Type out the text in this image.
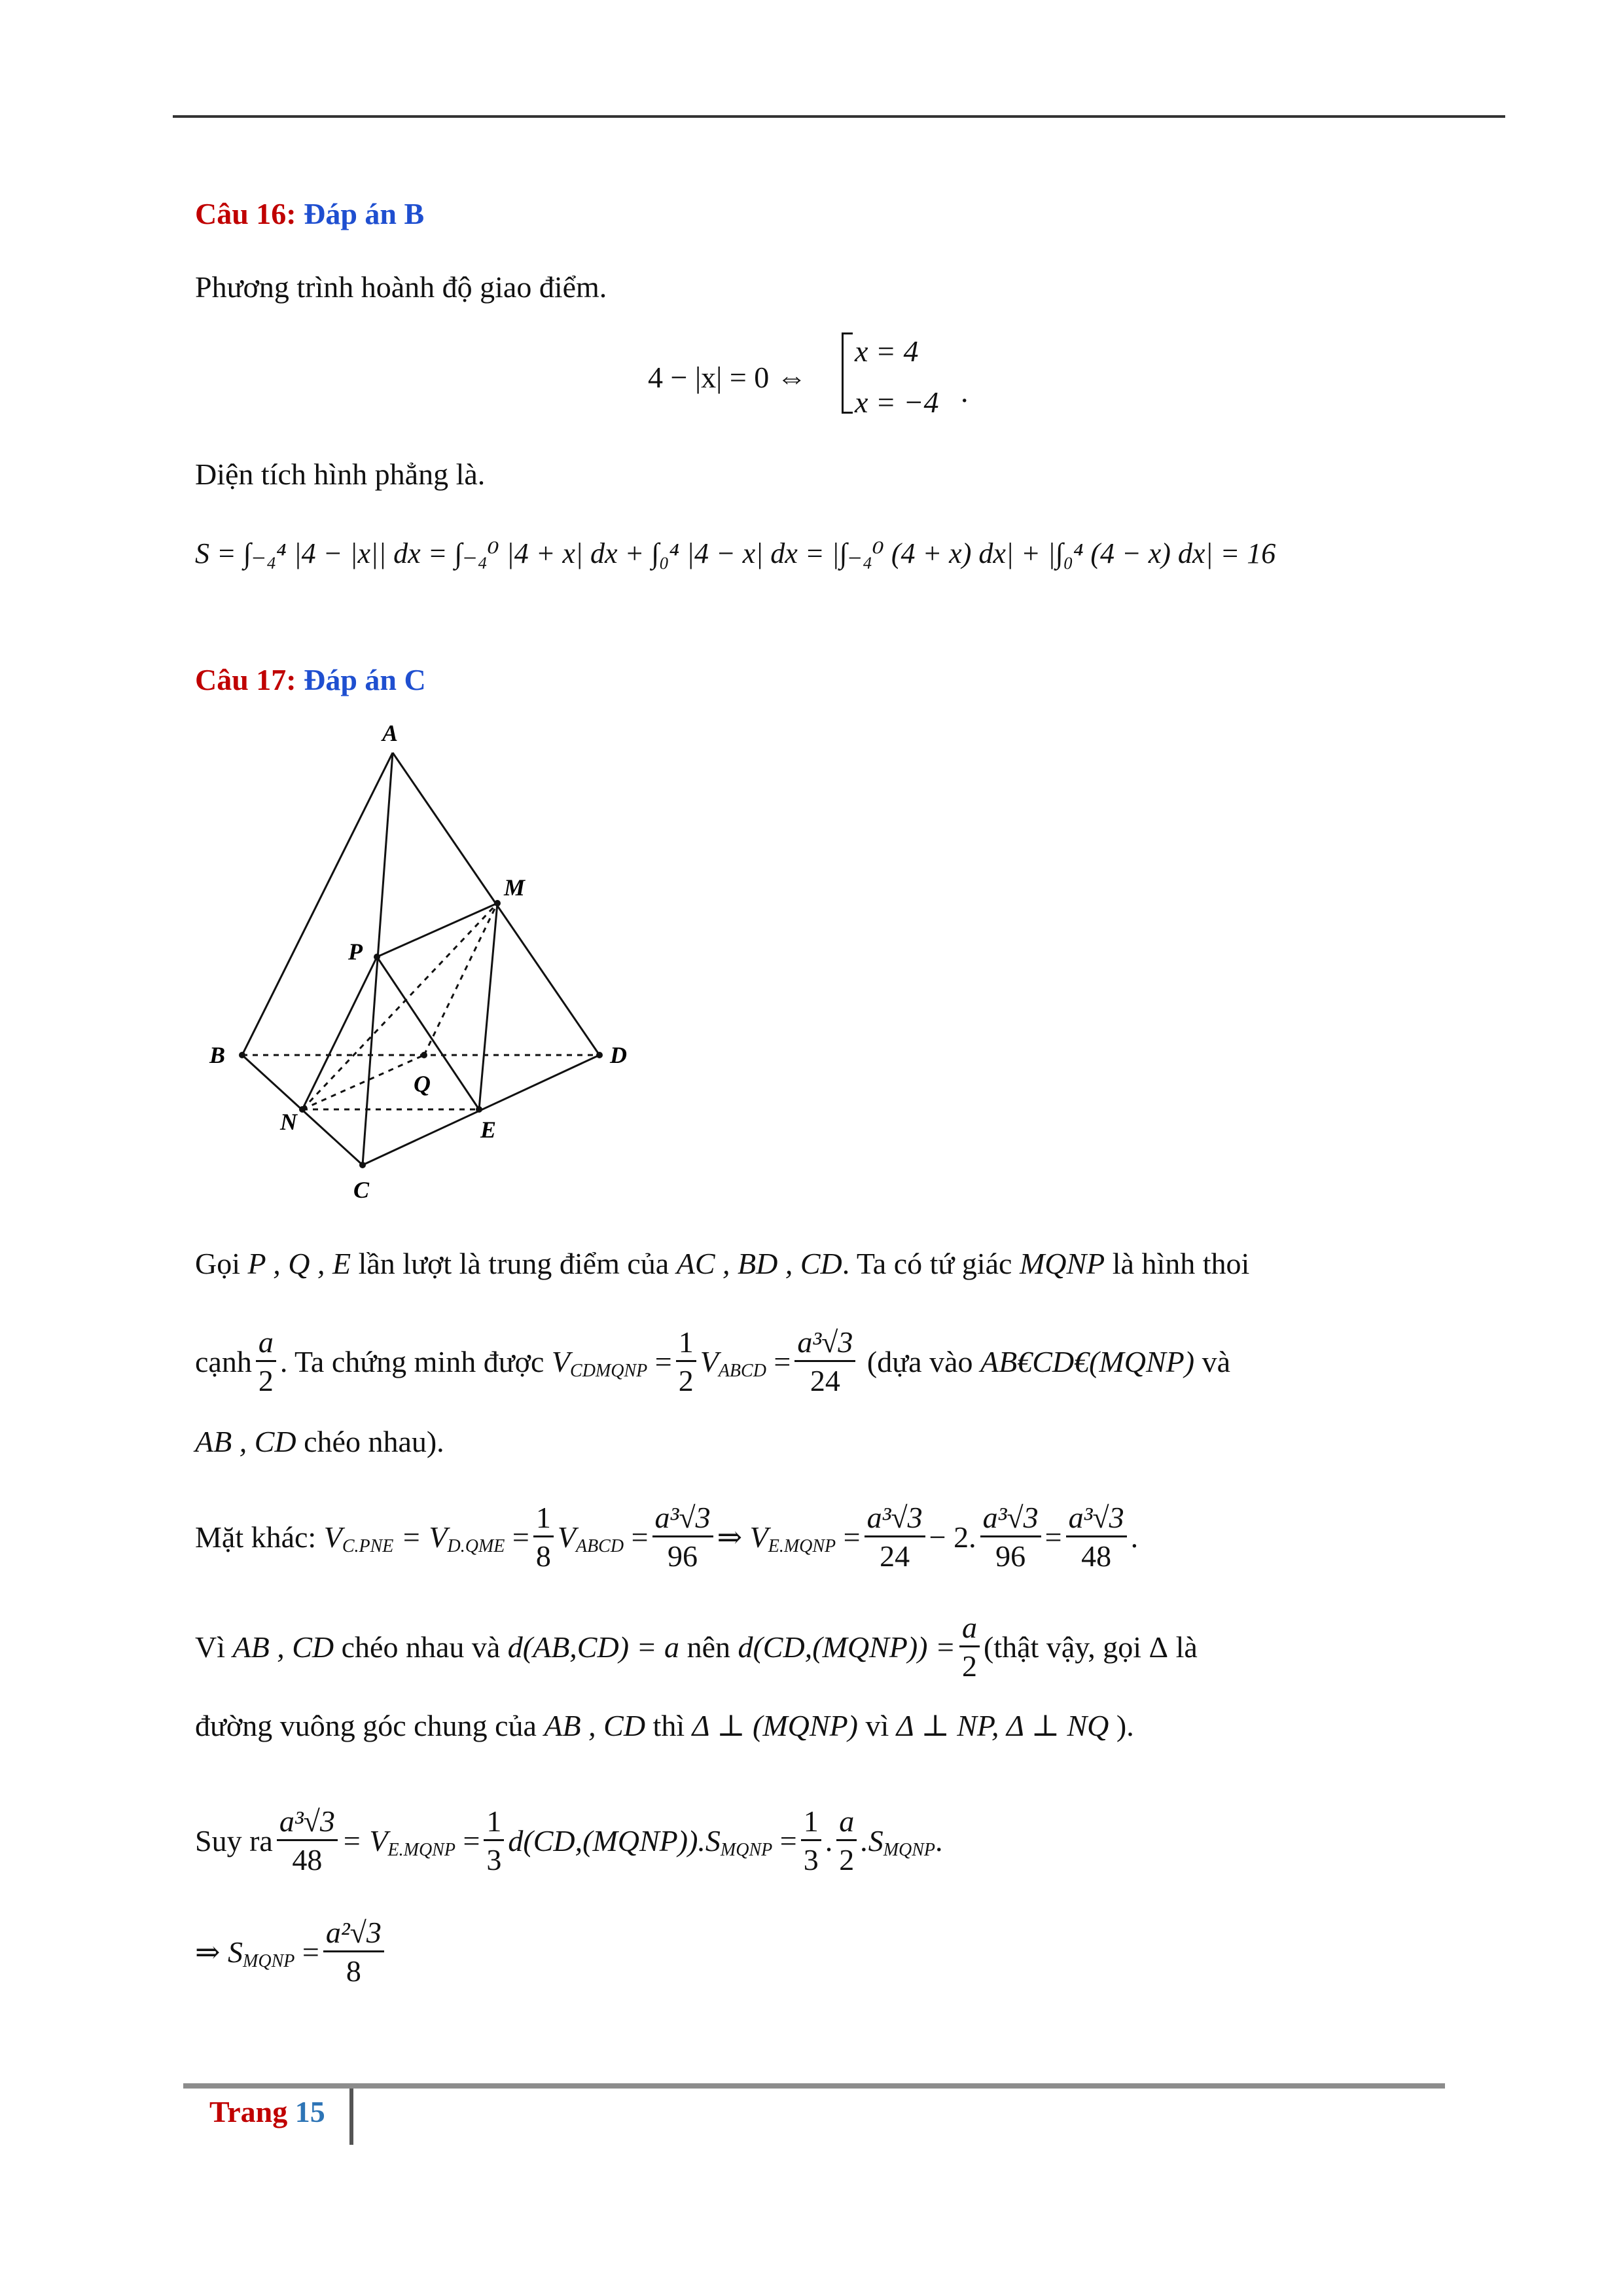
Câu 16: Đáp án B
Phương trình hoành độ giao điểm.
4 − |x| = 0 ⇔
x = 4
x = −4 .
Diện tích hình phẳng là.
S = ∫₋₄⁴ |4 − |x|| dx = ∫₋₄⁰ |4 + x| dx + ∫₀⁴ |4 − x| dx = |∫₋₄⁰ (4 + x) dx| + |∫₀⁴ (4 − x) dx| = 16
Câu 17: Đáp án C
A
B
C
D
M
P
Q
N	E
Gọi P , Q , E lần lượt là trung điểm của AC , BD , CD. Ta có tứ giác MQNP là hình thoi
cạnh $\frac{a}{2}$ . Ta chứng minh được
V CDMQNP
= $\frac{1}{2}$ V ABCD
= $\frac{\text{a³√3}}{24}$
(dựa vào
AB€CD€(MQNP)
và
AB , CD chéo nhau).
Mặt khác:
V C.PNE
= V D.QME
= $\frac{1}{8}$ V ABCD
= $\frac{\text{a³√3}}{96}$ ⇒ V E.MQNP
= $\frac{\text{a³√3}}{24} - 2$. $\frac{\text{a³√3}}{96} = \frac{\text{a³√3}}{48}$ .
Vì
AB , CD
chéo nhau và
d(AB,CD) = a
nên
d(CD,(MQNP)) = $\frac{a}{2}$ (thật vậy, gọi
Δ
là
đường vuông góc chung của AB , CD thì Δ ⊥ (MQNP) vì Δ ⊥ NP, Δ ⊥ NQ ).
Suy ra $\frac{\text{a³√3}}{48} = V$ E.MQNP
= $\frac{1}{3}$ d(CD,(MQNP)).S MQNP
= $\frac{1}{3}$ . $\frac{a}{2} .S$ MQNP .
⇒ S MQNP
= $\frac{\text{a²√3}}{8}$
Trang 15
